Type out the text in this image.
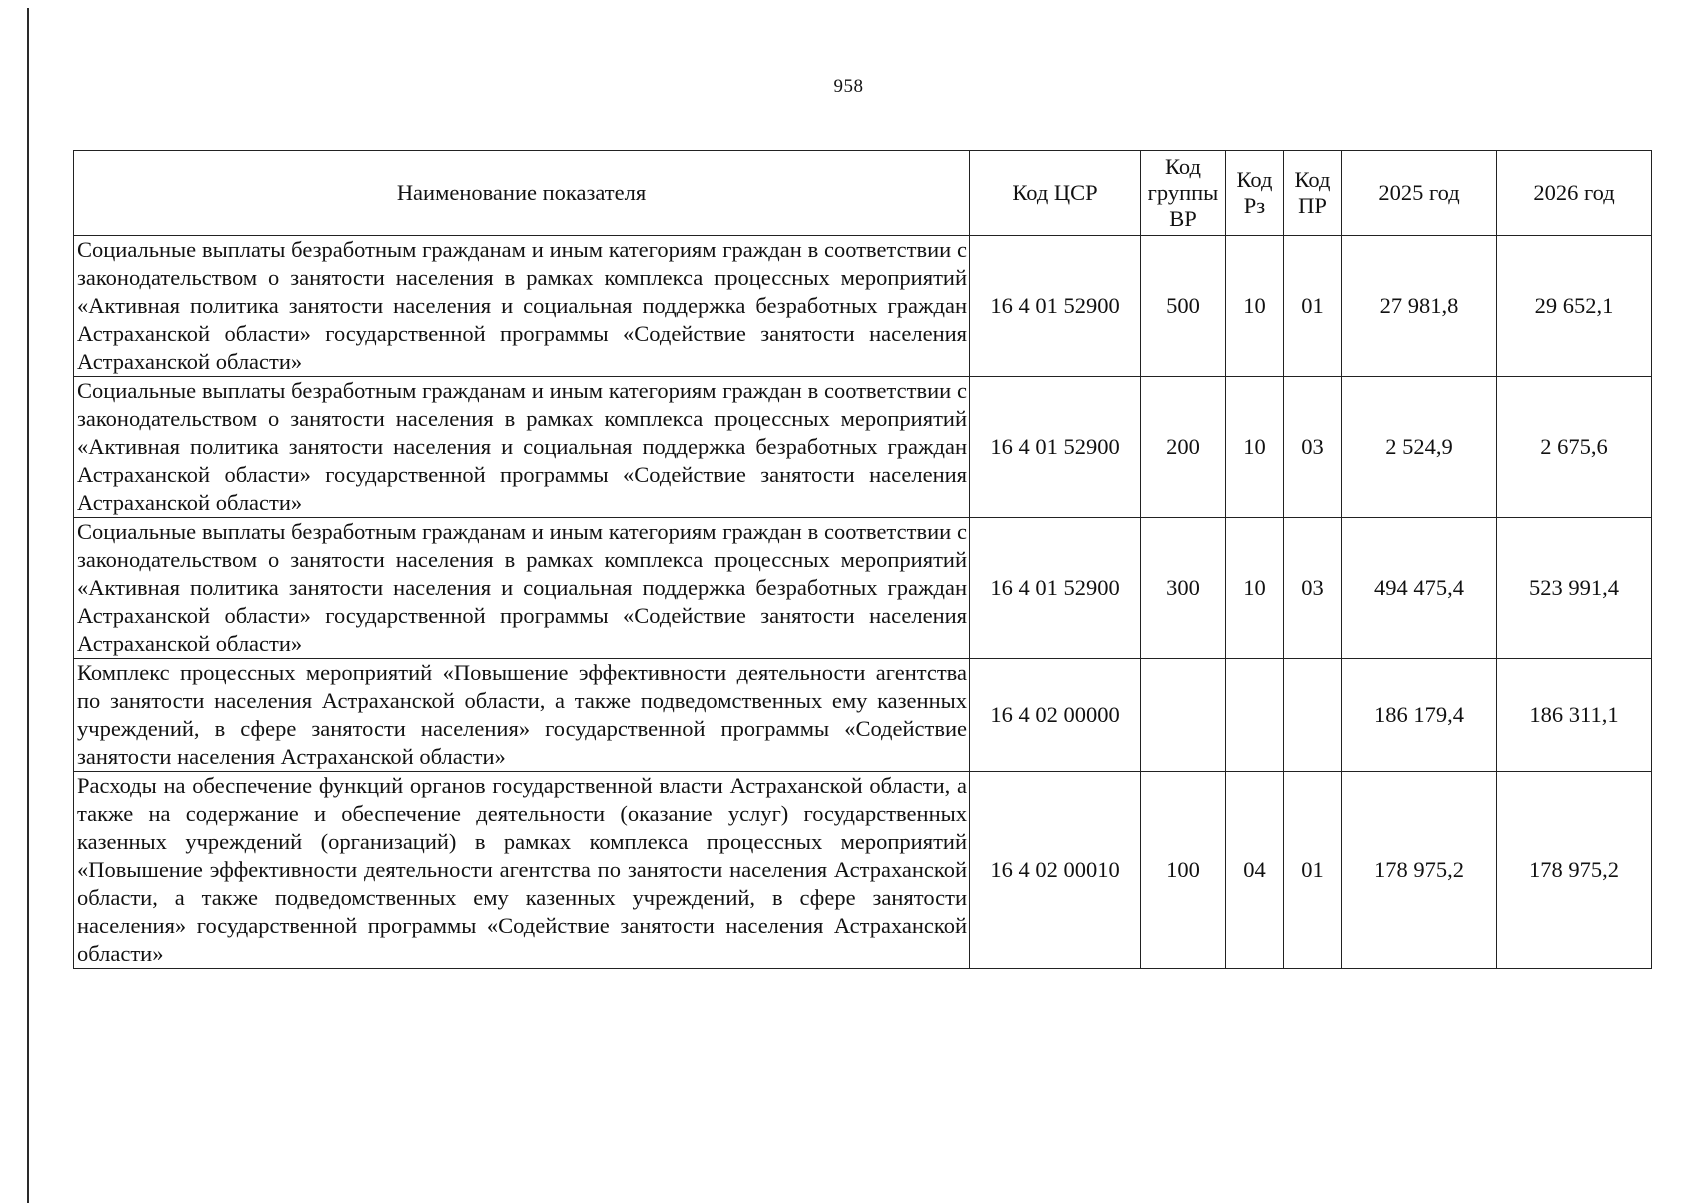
958
Наименование показателя	Код ЦСР	Код группы ВР	Код Рз	Код ПР	2025 год	2026 год
Социальные выплаты безработным гражданам и иным категориям граждан в соответствии с законодательством о занятости населения в рамках комплекса процессных мероприятий «Активная политика занятости населения и социальная поддержка безработных граждан Астраханской области» государственной программы «Содействие занятости населения Астраханской области»	16 4 01 52900	500	10	01	27 981,8	29 652,1
Социальные выплаты безработным гражданам и иным категориям граждан в соответствии с законодательством о занятости населения в рамках комплекса процессных мероприятий «Активная политика занятости населения и социальная поддержка безработных граждан Астраханской области» государственной программы «Содействие занятости населения Астраханской области»	16 4 01 52900	200	10	03	2 524,9	2 675,6
Социальные выплаты безработным гражданам и иным категориям граждан в соответствии с законодательством о занятости населения в рамках комплекса процессных мероприятий «Активная политика занятости населения и социальная поддержка безработных граждан Астраханской области» государственной программы «Содействие занятости населения Астраханской области»	16 4 01 52900	300	10	03	494 475,4	523 991,4
Комплекс процессных мероприятий «Повышение эффективности деятельности агентства по занятости населения Астраханской области, а также подведомственных ему казенных учреждений, в сфере занятости населения» государственной программы «Содействие занятости населения Астраханской области»	16 4 02 00000				186 179,4	186 311,1
Расходы на обеспечение функций органов государственной власти Астраханской области, а также на содержание и обеспечение деятельности (оказание услуг) государственных казенных учреждений (организаций) в рамках комплекса процессных мероприятий «Повышение эффективности деятельности агентства по занятости населения Астраханской области, а также подведомственных ему казенных учреждений, в сфере занятости населения» государственной программы «Содействие занятости населения Астраханской области»	16 4 02 00010	100	04	01	178 975,2	178 975,2
